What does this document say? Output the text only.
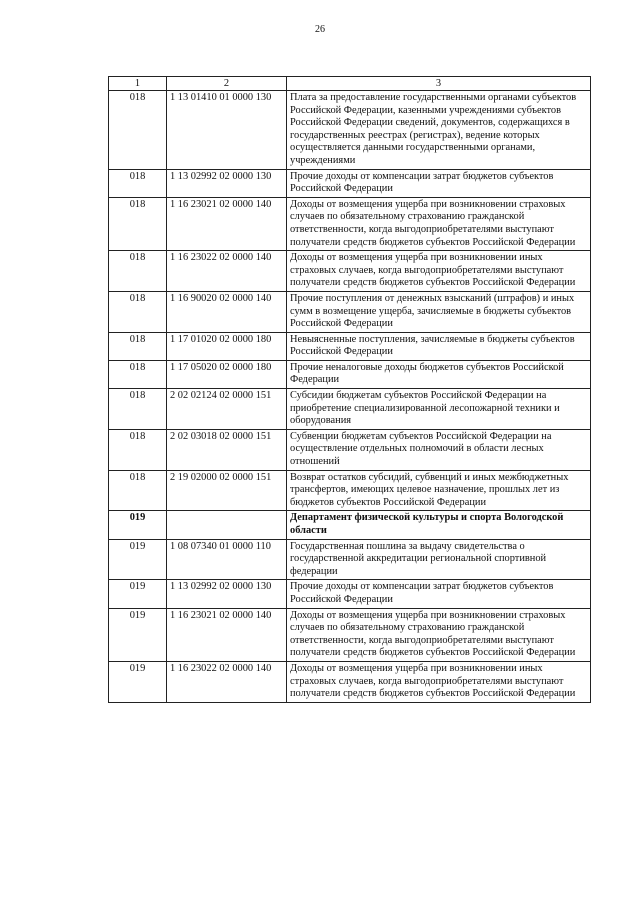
26
1	2	3
018	1 13 01410 01 0000 130	Плата за предоставление государственными органами субъектов Российской Федерации, казенными учреждениями субъектов Российской Федерации сведений, документов, содержащихся в государственных реестрах (регистрах), ведение которых осуществляется данными государственными органами, учреждениями
018	1 13 02992 02 0000 130	Прочие доходы от компенсации затрат бюджетов субъектов Российской Федерации
018	1 16 23021 02 0000 140	Доходы от возмещения ущерба при возникновении страховых случаев по обязательному страхованию гражданской ответственности, когда выгодоприобретателями выступают получатели средств бюджетов субъектов Российской Федерации
018	1 16 23022 02 0000 140	Доходы от возмещения ущерба при возникновении иных страховых случаев, когда выгодоприобретателями выступают получатели средств бюджетов субъектов Российской Федерации
018	1 16 90020 02 0000 140	Прочие поступления от денежных взысканий (штрафов) и иных сумм в возмещение ущерба, зачисляемые в бюджеты субъектов Российской Федерации
018	1 17 01020 02 0000 180	Невыясненные поступления, зачисляемые в бюджеты субъектов Российской Федерации
018	1 17 05020 02 0000 180	Прочие неналоговые доходы бюджетов субъектов Российской Федерации
018	2 02 02124 02 0000 151	Субсидии бюджетам субъектов Российской Федерации на приобретение специализированной лесопожарной техники и оборудования
018	2 02 03018 02 0000 151	Субвенции бюджетам субъектов Российской Федерации на осуществление отдельных полномочий в области лесных отношений
018	2 19 02000 02 0000 151	Возврат остатков субсидий, субвенций и иных межбюджетных трансфертов, имеющих целевое назначение, прошлых лет из бюджетов субъектов Российской Федерации
019		Департамент физической культуры и спорта Вологодской области
019	1 08 07340 01 0000 110	Государственная пошлина за выдачу свидетельства о государственной аккредитации региональной спортивной федерации
019	1 13 02992 02 0000 130	Прочие доходы от компенсации затрат бюджетов субъектов Российской Федерации
019	1 16 23021 02 0000 140	Доходы от возмещения ущерба при возникновении страховых случаев по обязательному страхованию гражданской ответственности, когда выгодоприобретателями выступают получатели средств бюджетов субъектов Российской Федерации
019	1 16 23022 02 0000 140	Доходы от возмещения ущерба при возникновении иных страховых случаев, когда выгодоприобретателями выступают получатели средств бюджетов субъектов Российской Федерации
